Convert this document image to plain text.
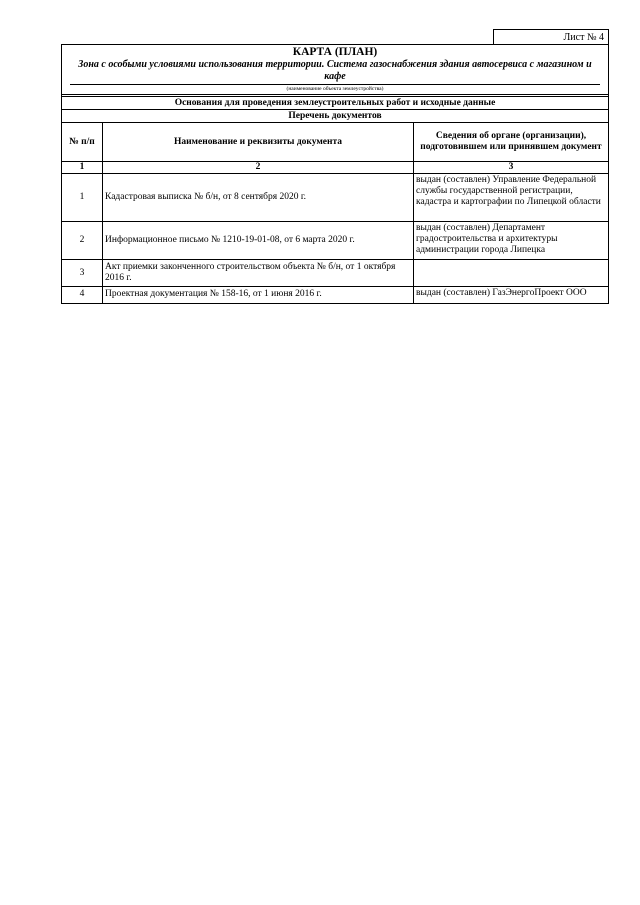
Лист № 4
КАРТА (ПЛАН)
Зона с особыми условиями использования территории. Система газоснабжения здания автосервиса с магазином и кафе
(наименование объекта землеустройства)
Основания для проведения землеустроительных работ и исходные данные
Перечень документов
№ п/п	Наименование и реквизиты документа	Сведения об органе (организации), подготовившем или принявшем документ
1	2	3
1	Кадастровая выписка № б/н, от 8 сентября 2020 г.	выдан (составлен) Управление Федеральной службы государственной регистрации, кадастра и картографии по Липецкой области
2	Информационное письмо № 1210-19-01-08, от 6 марта 2020 г.	выдан (составлен) Департамент градостроительства и архитектуры администрации города Липецка
3	Акт приемки законченного строительством объекта № б/н, от 1 октября 2016 г.	
4	Проектная документация № 158-16, от 1 июня 2016 г.	выдан (составлен) ГазЭнергоПроект ООО
